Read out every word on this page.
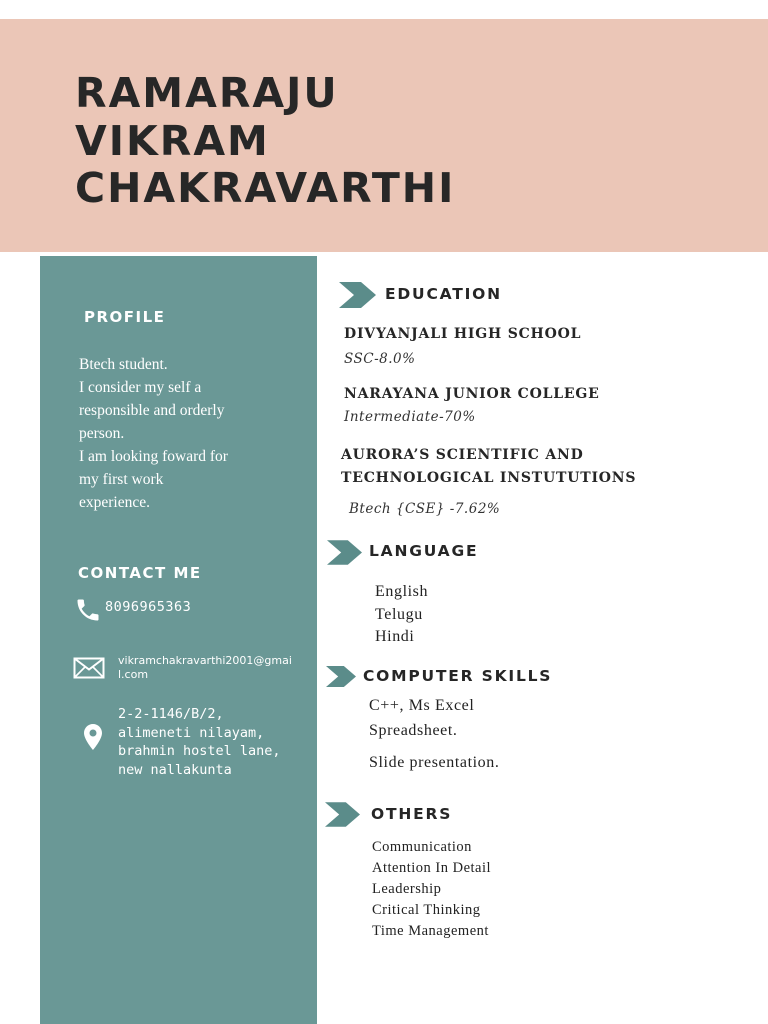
RAMARAJU
VIKRAM
CHAKRAVARTHI
PROFILE
Btech student.
I consider my self a
responsible and orderly
person.
I am looking foward for
my first work
experience.
CONTACT ME
8096965363
vikramchakravarthi2001@gmail.com
2-2-1146/B/2,
alimeneti nilayam,
brahmin hostel lane,
new nallakunta
EDUCATION
DIVYANJALI HIGH SCHOOL
SSC-8.0%
NARAYANA JUNIOR COLLEGE
Intermediate-70%
AURORA’S SCIENTIFIC AND
TECHNOLOGICAL INSTUTUTIONS
Btech {CSE} -7.62%
LANGUAGE
English
Telugu
Hindi
COMPUTER SKILLS
C++, Ms Excel
Spreadsheet.
Slide presentation.
OTHERS
Communication
Attention In Detail
Leadership
Critical Thinking
Time Management
